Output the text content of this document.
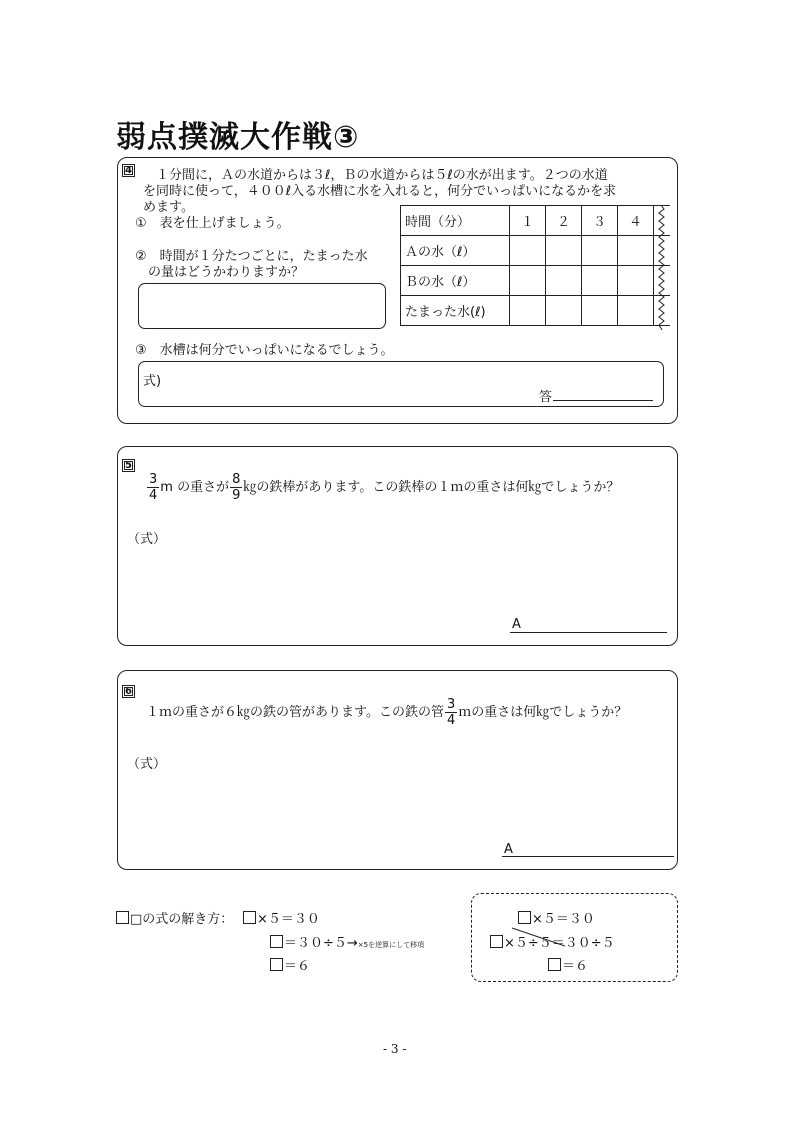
弱点撲滅大作戦③
4 　１分間に，Ａの水道からは３ℓ，Ｂの水道からは５ℓの水が出ます。２つの水道
を同時に使って，４００ℓ入る水槽に水を入れると，何分でいっぱいになるかを求
めます。
①　表を仕上げましょう。
②　時間が１分たつごとに，たまった水
の量はどうかわりますか？
時間（分）	１	２	３	４	
Ａの水（ℓ）					
Ｂの水（ℓ）					
たまった水(ℓ)					
③　水槽は何分でいっぱいになるでしょう。
式)
答
5
$\frac{3}{4}$ m の重さが $\frac{8}{9}$ ㎏の鉄棒があります。この鉄棒の１ｍの重さは何㎏でしょうか？
（式）
A
6
１ｍの重さが６㎏の鉄の管があります。この鉄の管 $\frac{3}{4}$ ｍの重さは何㎏でしょうか？
（式）
A
□の式の解き方：	×５＝３０
＝３０÷５→×5を逆算にして移項
＝６
×５＝３０
×５÷５＝３０÷５
＝６
- 3 -
